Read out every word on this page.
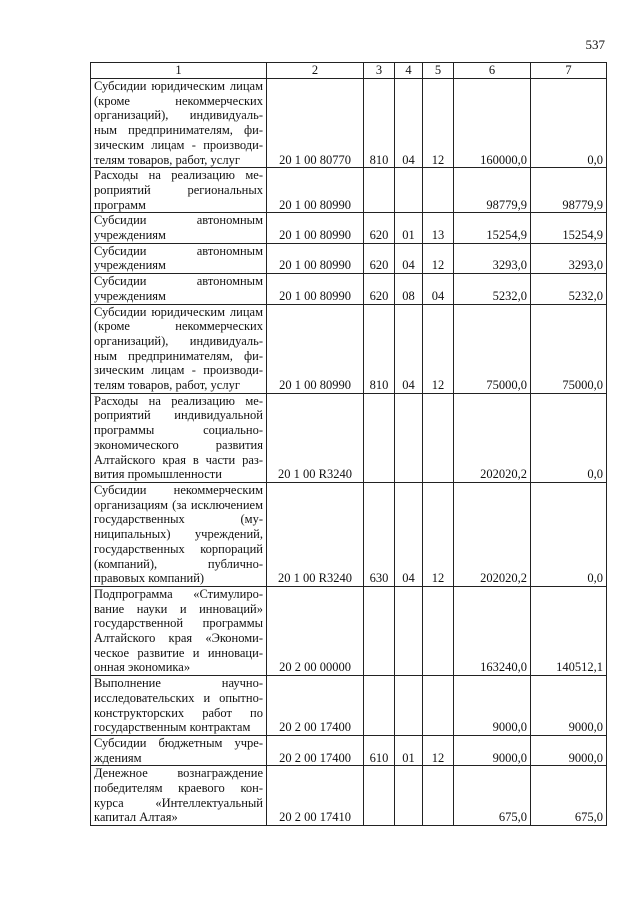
537
1	2	3	4	5	6	7
Субсидии юридическим лицам (кроме некоммерческих организаций), индивидуальным предпринимателям, физическим лицам - производителям товаров, работ, услуг	20 1 00 80770	810	04	12	160000,0	0,0
Расходы на реализацию мероприятий региональных программ	20 1 00 80990				98779,9	98779,9
Субсидии автономным учреждениям	20 1 00 80990	620	01	13	15254,9	15254,9
Субсидии автономным учреждениям	20 1 00 80990	620	04	12	3293,0	3293,0
Субсидии автономным учреждениям	20 1 00 80990	620	08	04	5232,0	5232,0
Субсидии юридическим лицам (кроме некоммерческих организаций), индивидуальным предпринимателям, физическим лицам - производителям товаров, работ, услуг	20 1 00 80990	810	04	12	75000,0	75000,0
Расходы на реализацию мероприятий индивидуальной программы социально-экономического развития Алтайского края в части развития промышленности	20 1 00 R3240				202020,2	0,0
Субсидии некоммерческим организациям (за исключением государственных (муниципальных) учреждений, государственных корпораций (компаний), публично-правовых компаний)	20 1 00 R3240	630	04	12	202020,2	0,0
Подпрограмма «Стимулирование науки и инноваций» государственной программы Алтайского края «Экономическое развитие и инновационная экономика»	20 2 00 00000				163240,0	140512,1
Выполнение научно-исследовательских и опытно-конструкторских работ по государственным контрактам	20 2 00 17400				9000,0	9000,0
Субсидии бюджетным учреждениям	20 2 00 17400	610	01	12	9000,0	9000,0
Денежное вознаграждение победителям краевого конкурса «Интеллектуальный капитал Алтая»	20 2 00 17410				675,0	675,0
